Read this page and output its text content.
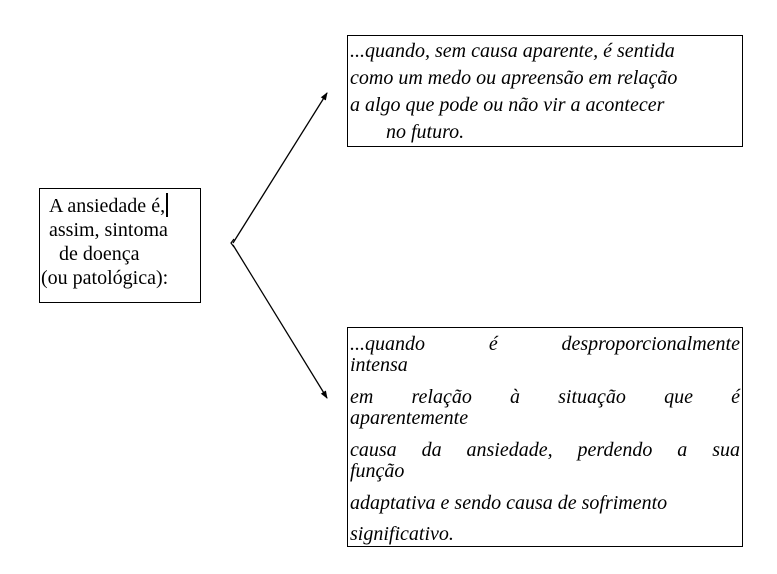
A ansiedade é,
assim, sintoma
de doença
(ou patológica):
...quando, sem causa aparente, é sentida
como um medo ou apreensão em relação
a algo que pode ou não vir a acontecer
no futuro.
...quando é desproporcionalmente
intensa
em relação à situação que é
aparentemente
causa da ansiedade, perdendo a sua
função
adaptativa e sendo causa de sofrimento
significativo.
